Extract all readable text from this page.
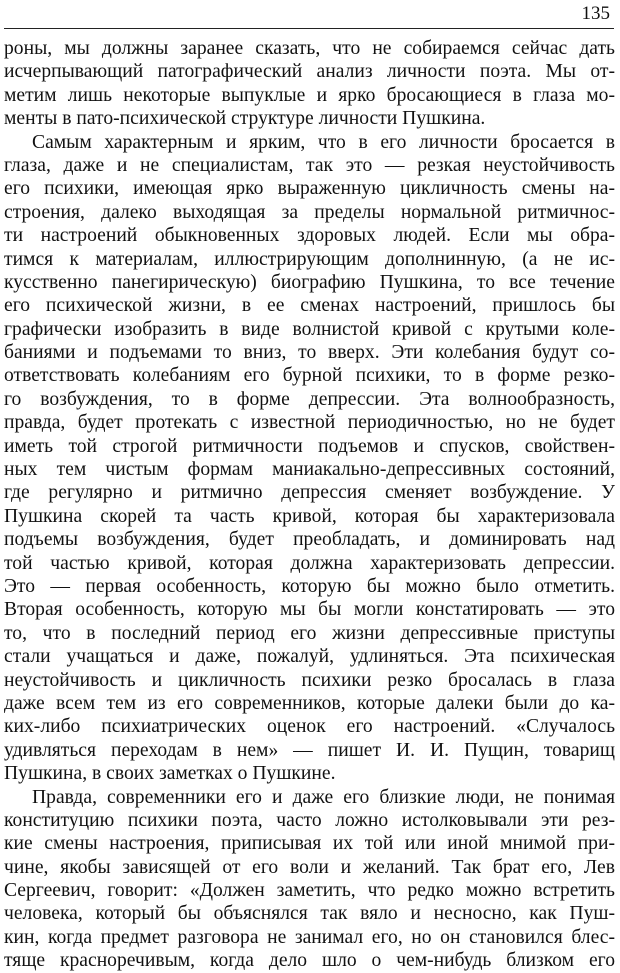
135
роны, мы должны заранее сказать, что не собираемся сейчас дать
исчерпывающий патографический анализ личности поэта. Мы от-
метим лишь некоторые выпуклые и ярко бросающиеся в глаза мо-
менты в пато-психической структуре личности Пушкина.
Самым характерным и ярким, что в его личности бросается в
глаза, даже и не специалистам, так это — резкая неустойчивость
его психики, имеющая ярко выраженную цикличность смены на-
строения, далеко выходящая за пределы нормальной ритмичнос-
ти настроений обыкновенных здоровых людей. Если мы обра-
тимся к материалам, иллюстрирующим дополнинную, (а не ис-
кусственно панегирическую) биографию Пушкина, то все течение
его психической жизни, в ее сменах настроений, пришлось бы
графически изобразить в виде волнистой кривой с крутыми коле-
баниями и подъемами то вниз, то вверх. Эти колебания будут со-
ответствовать колебаниям его бурной психики, то в форме резко-
го возбуждения, то в форме депрессии. Эта волнообразность,
правда, будет протекать с известной периодичностью, но не будет
иметь той строгой ритмичности подъемов и спусков, свойствен-
ных тем чистым формам маниакально-депрессивных состояний,
где регулярно и ритмично депрессия сменяет возбуждение. У
Пушкина скорей та часть кривой, которая бы характеризовала
подъемы возбуждения, будет преобладать, и доминировать над
той частью кривой, которая должна характеризовать депрессии.
Это — первая особенность, которую бы можно было отметить.
Вторая особенность, которую мы бы могли констатировать — это
то, что в последний период его жизни депрессивные приступы
стали учащаться и даже, пожалуй, удлиняться. Эта психическая
неустойчивость и цикличность психики резко бросалась в глаза
даже всем тем из его современников, которые далеки были до ка-
ких-либо психиатрических оценок его настроений. «Случалось
удивляться переходам в нем» — пишет И. И. Пущин, товарищ
Пушкина, в своих заметках о Пушкине.
Правда, современники его и даже его близкие люди, не понимая
конституцию психики поэта, часто ложно истолковывали эти рез-
кие смены настроения, приписывая их той или иной мнимой при-
чине, якобы зависящей от его воли и желаний. Так брат его, Лев
Сергеевич, говорит: «Должен заметить, что редко можно встретить
человека, который бы объяснялся так вяло и несносно, как Пуш-
кин, когда предмет разговора не занимал его, но он становился блес-
тяще красноречивым, когда дело шло о чем-нибудь близком его
